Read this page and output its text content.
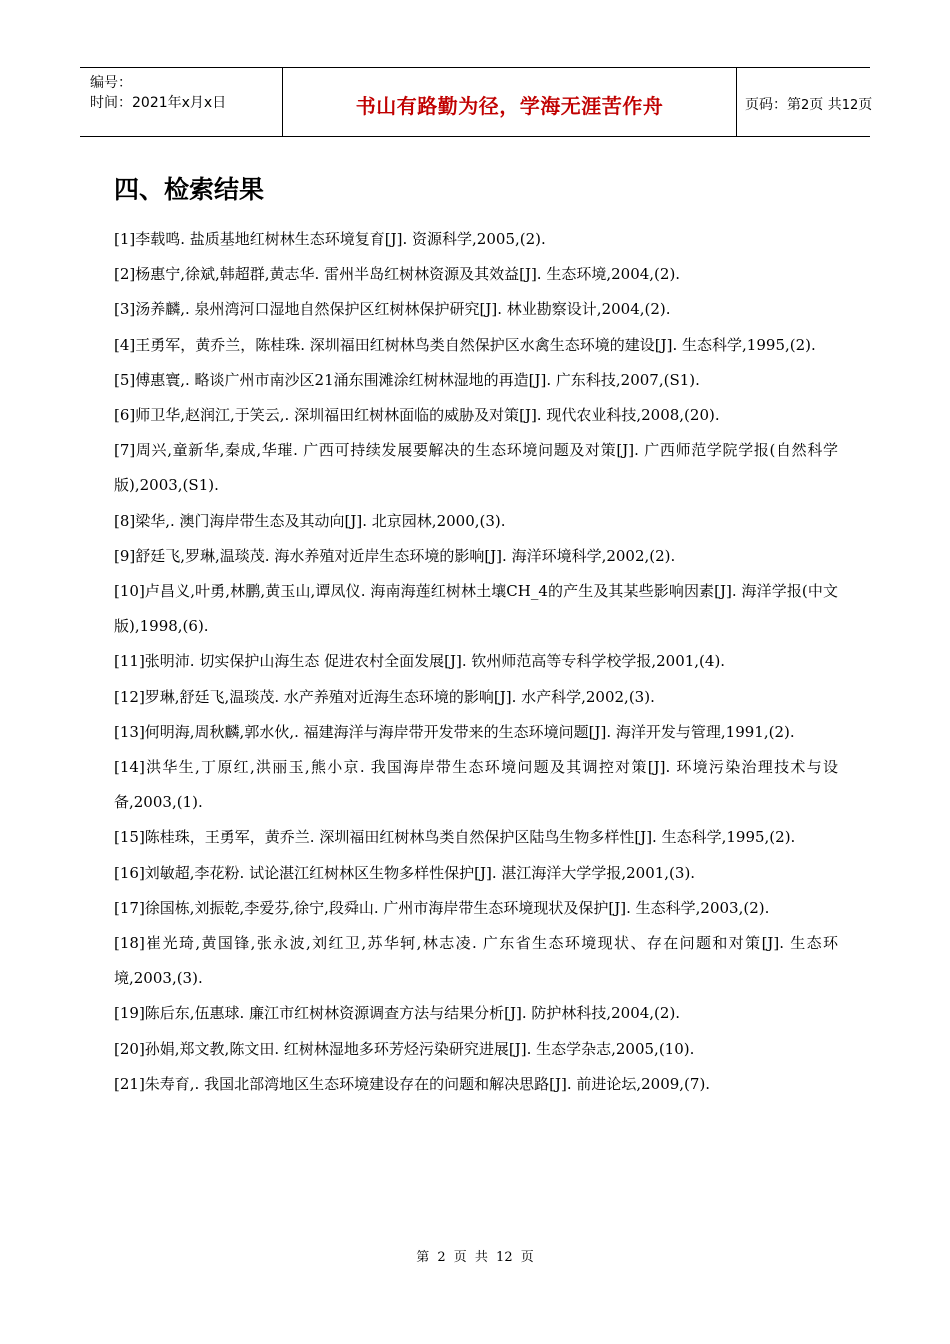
编号：
时间：2021年x月x日	书山有路勤为径，学海无涯苦作舟	页码：第2页 共12页
四、检索结果
[1]李载鸣. 盐质基地红树林生态环境复育[J]. 资源科学,2005,(2).
[2]杨惠宁,徐斌,韩超群,黄志华. 雷州半岛红树林资源及其效益[J]. 生态环境,2004,(2).
[3]汤养麟,. 泉州湾河口湿地自然保护区红树林保护研究[J]. 林业勘察设计,2004,(2).
[4]王勇军，黄乔兰，陈桂珠. 深圳福田红树林鸟类自然保护区水禽生态环境的建设[J]. 生态科学,1995,(2).
[5]傅惠寰,. 略谈广州市南沙区21涌东围滩涂红树林湿地的再造[J]. 广东科技,2007,(S1).
[6]师卫华,赵润江,于笑云,. 深圳福田红树林面临的威胁及对策[J]. 现代农业科技,2008,(20).
[7]周兴,童新华,秦成,华璀. 广西可持续发展要解决的生态环境问题及对策[J]. 广西师范学院学报(自然科学版),2003,(S1).
[8]梁华,. 澳门海岸带生态及其动向[J]. 北京园林,2000,(3).
[9]舒廷飞,罗琳,温琰茂. 海水养殖对近岸生态环境的影响[J]. 海洋环境科学,2002,(2).
[10]卢昌义,叶勇,林鹏,黄玉山,谭凤仪. 海南海莲红树林土壤CH_4的产生及其某些影响因素[J]. 海洋学报(中文版),1998,(6).
[11]张明沛. 切实保护山海生态 促进农村全面发展[J]. 钦州师范高等专科学校学报,2001,(4).
[12]罗琳,舒廷飞,温琰茂. 水产养殖对近海生态环境的影响[J]. 水产科学,2002,(3).
[13]何明海,周秋麟,郭水伙,. 福建海洋与海岸带开发带来的生态环境问题[J]. 海洋开发与管理,1991,(2).
[14]洪华生,丁原红,洪丽玉,熊小京. 我国海岸带生态环境问题及其调控对策[J]. 环境污染治理技术与设备,2003,(1).
[15]陈桂珠，王勇军，黄乔兰. 深圳福田红树林鸟类自然保护区陆鸟生物多样性[J]. 生态科学,1995,(2).
[16]刘敏超,李花粉. 试论湛江红树林区生物多样性保护[J]. 湛江海洋大学学报,2001,(3).
[17]徐国栋,刘振乾,李爱芬,徐宁,段舜山. 广州市海岸带生态环境现状及保护[J]. 生态科学,2003,(2).
[18]崔光琦,黄国锋,张永波,刘红卫,苏华轲,林志凌. 广东省生态环境现状、存在问题和对策[J]. 生态环境,2003,(3).
[19]陈后东,伍惠球. 廉江市红树林资源调查方法与结果分析[J]. 防护林科技,2004,(2).
[20]孙娟,郑文教,陈文田. 红树林湿地多环芳烃污染研究进展[J]. 生态学杂志,2005,(10).
[21]朱寿育,. 我国北部湾地区生态环境建设存在的问题和解决思路[J]. 前进论坛,2009,(7).
第 2 页 共 12 页
